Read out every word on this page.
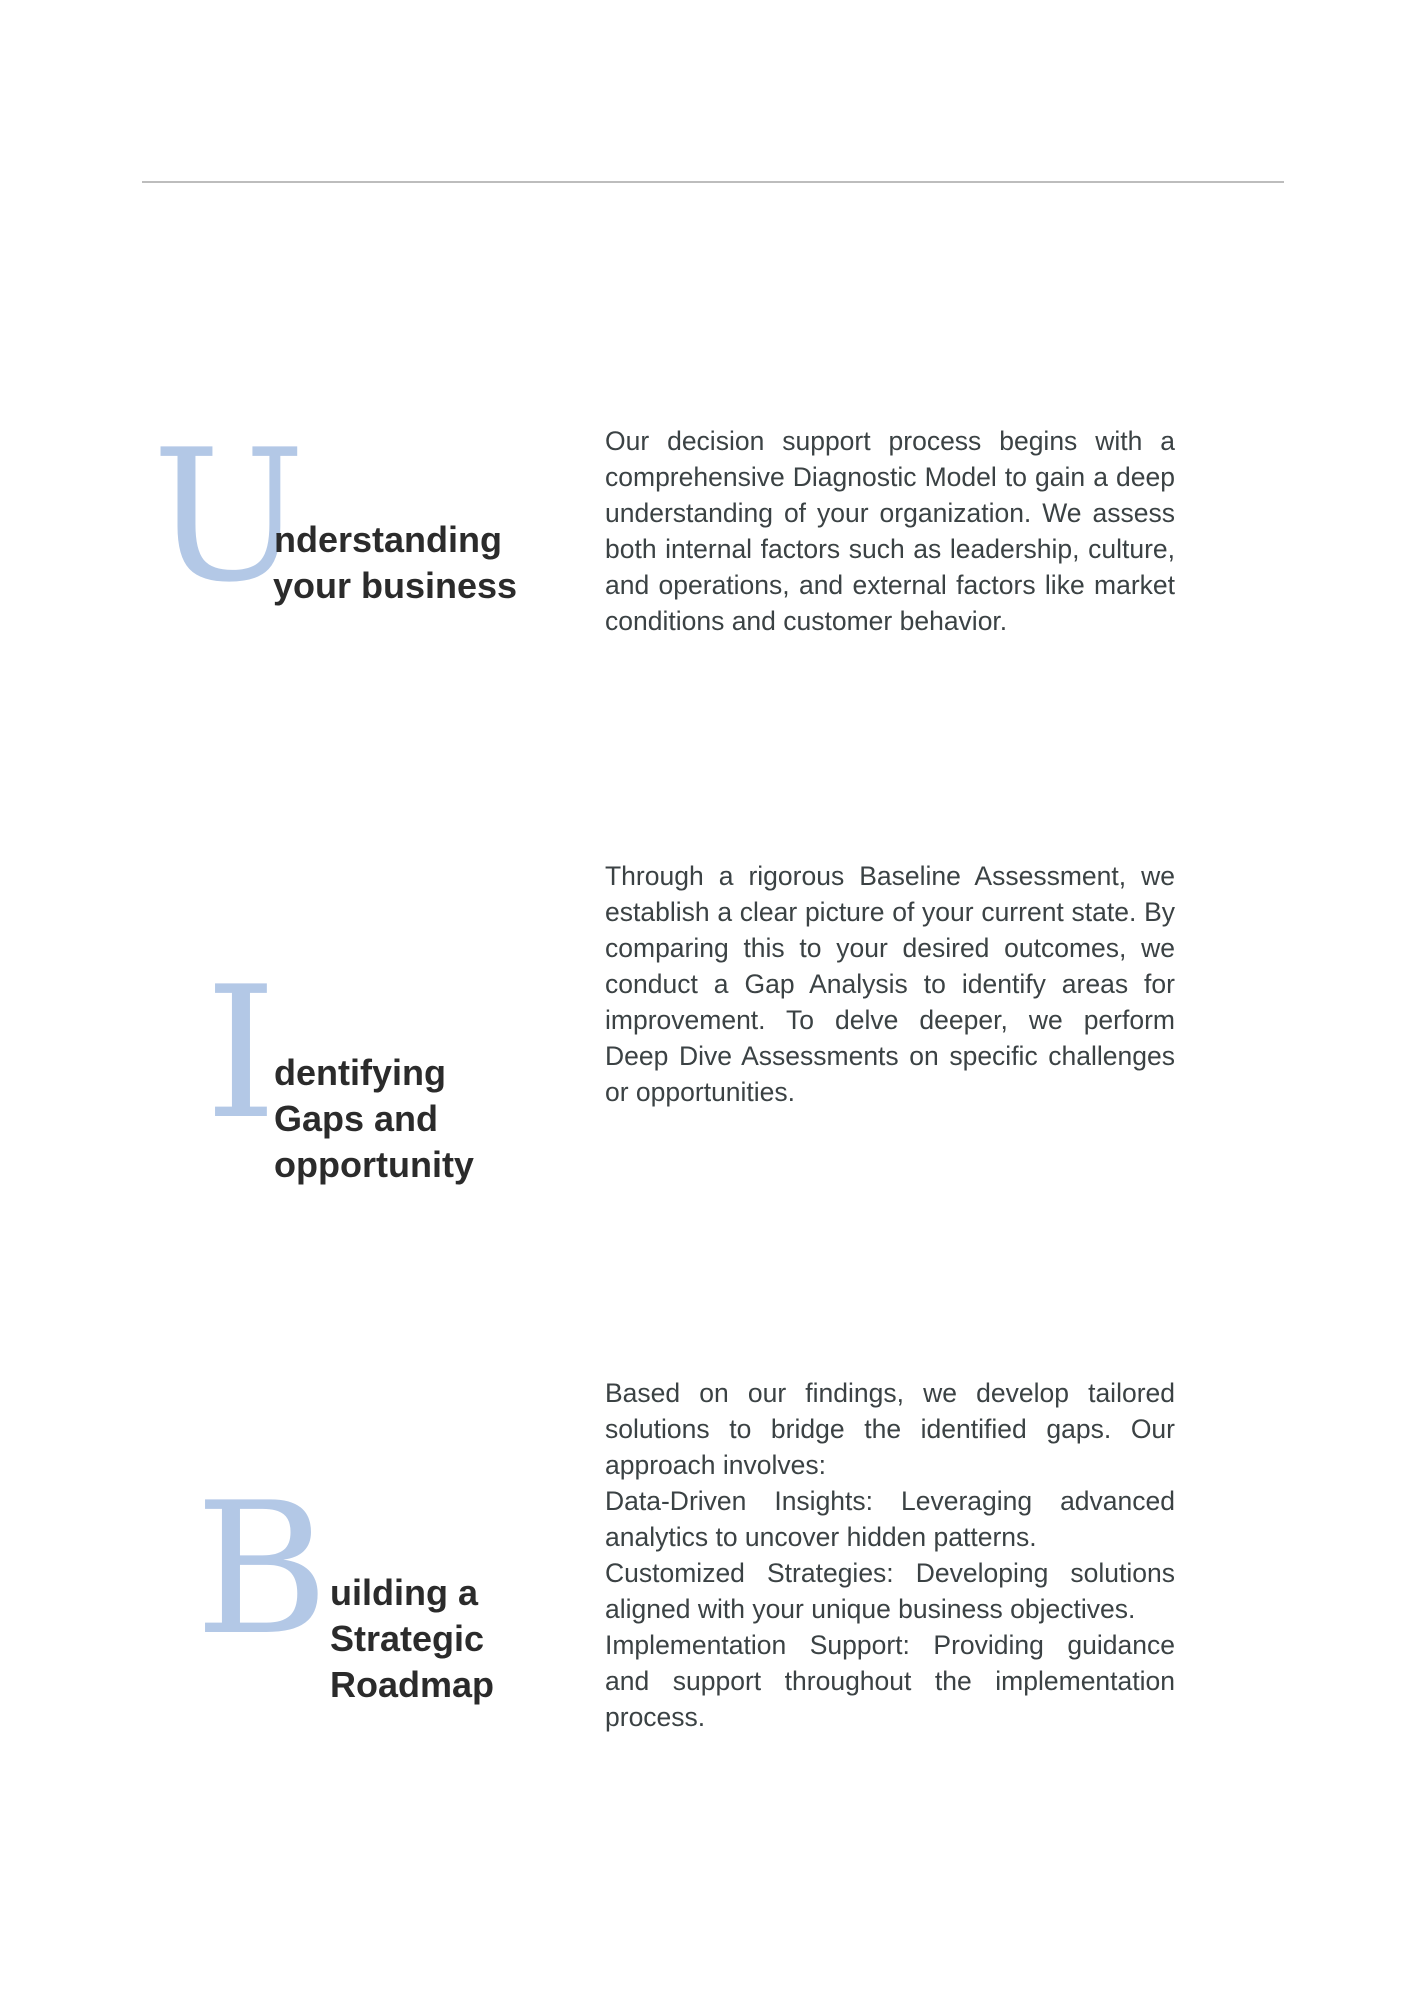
U
nderstanding
your business

Our decision support process begins with a comprehensive Diagnostic Model to gain a deep understanding of your organization. We assess both internal factors such as leadership, culture, and operations, and external factors like market conditions and customer behavior.

I
dentifying
Gaps and
opportunity

Through a rigorous Baseline Assessment, we establish a clear picture of your current state. By comparing this to your desired outcomes, we conduct a Gap Analysis to identify areas for improvement. To delve deeper, we perform Deep Dive Assessments on specific challenges or opportunities.

B uilding a
Strategic
Roadmap

Based on our findings, we develop tailored solutions to bridge the identified gaps. Our approach involves:

Data-Driven Insights: Leveraging advanced analytics to uncover hidden patterns.

Customized Strategies: Developing solutions aligned with your unique business objectives.

Implementation Support: Providing guidance and support throughout the implementation process.
